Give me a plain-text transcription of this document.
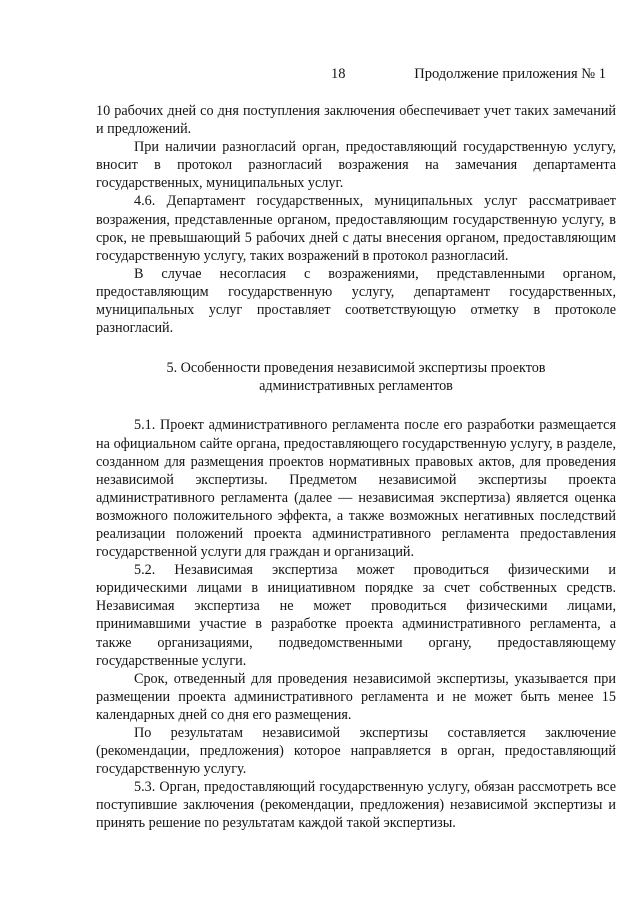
18	Продолжение приложения № 1

10 рабочих дней со дня поступления заключения обеспечивает учет таких замечаний и предложений.

При наличии разногласий орган, предоставляющий государственную услугу, вносит в протокол разногласий возражения на замечания департамента государственных, муниципальных услуг.

4.6. Департамент государственных, муниципальных услуг рассматривает возражения, представленные органом, предоставляющим государственную услугу, в срок, не превышающий 5 рабочих дней с даты внесения органом, предоставляющим государственную услугу, таких возражений в протокол разногласий.

В случае несогласия с возражениями, представленными органом, предоставляющим государственную услугу, департамент государственных, муниципальных услуг проставляет соответствующую отметку в протоколе разногласий.

5. Особенности проведения независимой экспертизы проектов
административных регламентов

5.1. Проект административного регламента после его разработки размещается на официальном сайте органа, предоставляющего государственную услугу, в разделе, созданном для размещения проектов нормативных правовых актов, для проведения независимой экспертизы. Предметом независимой экспертизы проекта административного регламента (далее — независимая экспертиза) является оценка возможного положительного эффекта, а также возможных негативных последствий реализации положений проекта административного регламента предоставления государственной услуги для граждан и организаций.

5.2. Независимая экспертиза может проводиться физическими и юридическими лицами в инициативном порядке за счет собственных средств. Независимая экспертиза не может проводиться физическими лицами, принимавшими участие в разработке проекта административного регламента, а также организациями, подведомственными органу, предоставляющему государственные услуги.

Срок, отведенный для проведения независимой экспертизы, указывается при размещении проекта административного регламента и не может быть менее 15 календарных дней со дня его размещения.

По результатам независимой экспертизы составляется заключение (рекомендации, предложения) которое направляется в орган, предоставляющий государственную услугу.

5.3. Орган, предоставляющий государственную услугу, обязан рассмотреть все поступившие заключения (рекомендации, предложения) независимой экспертизы и принять решение по результатам каждой такой экспертизы.
